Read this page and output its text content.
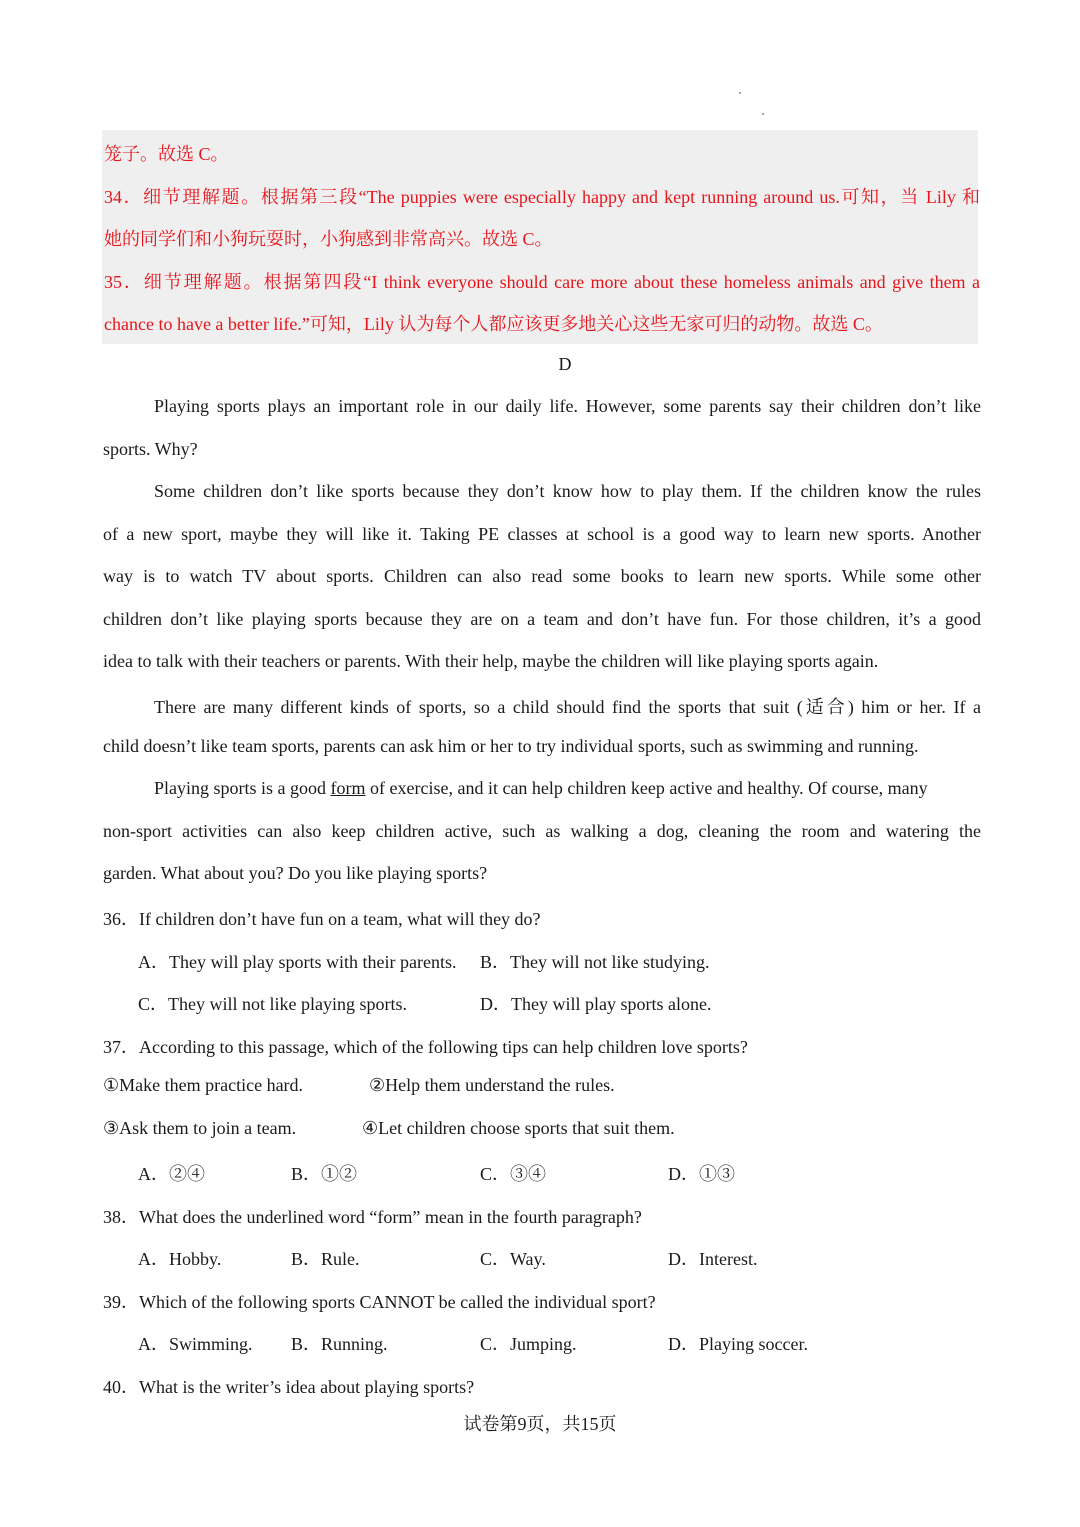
笼子。故选 C。
34．细节理解题。根据第三段“The puppies were especially happy and kept running around us.可知，当 Lily 和
她的同学们和小狗玩耍时，小狗感到非常高兴。故选 C。
35．细节理解题。根据第四段“I think everyone should care more about these homeless animals and give them a
chance to have a better life.”可知，Lily 认为每个人都应该更多地关心这些无家可归的动物。故选 C。
D
Playing sports plays an important role in our daily life. However, some parents say their children don’t like
sports. Why?
Some children don’t like sports because they don’t know how to play them. If the children know the rules
of a new sport, maybe they will like it. Taking PE classes at school is a good way to learn new sports. Another
way is to watch TV about sports. Children can also read some books to learn new sports. While some other
children don’t like playing sports because they are on a team and don’t have fun. For those children, it’s a good
idea to talk with their teachers or parents. With their help, maybe the children will like playing sports again.
There are many different kinds of sports, so a child should find the sports that suit (适合) him or her. If a
child doesn’t like team sports, parents can ask him or her to try individual sports, such as swimming and running.
Playing sports is a good form of exercise, and it can help children keep active and healthy. Of course, many
non-sport activities can also keep children active, such as walking a dog, cleaning the room and watering the
garden. What about you? Do you like playing sports?
36．If children don’t have fun on a team, what will they do?
A．They will play sports with their parents. B．They will not like studying.
C．They will not like playing sports.	D．They will play sports alone.
37．According to this passage, which of the following tips can help children love sports?
①Make them practice hard.	②Help them understand the rules.
③Ask them to join a team.	④Let children choose sports that suit them.
A．②④	B．①②	C．③④	D．①③
38．What does the underlined word “form” mean in the fourth paragraph?
A．Hobby.	B．Rule.	C．Way.	D．Interest.
39．Which of the following sports CANNOT be called the individual sport?
A．Swimming. B．Running.	C．Jumping.	D．Playing soccer.
40．What is the writer’s idea about playing sports?
试卷第9页，共15页
